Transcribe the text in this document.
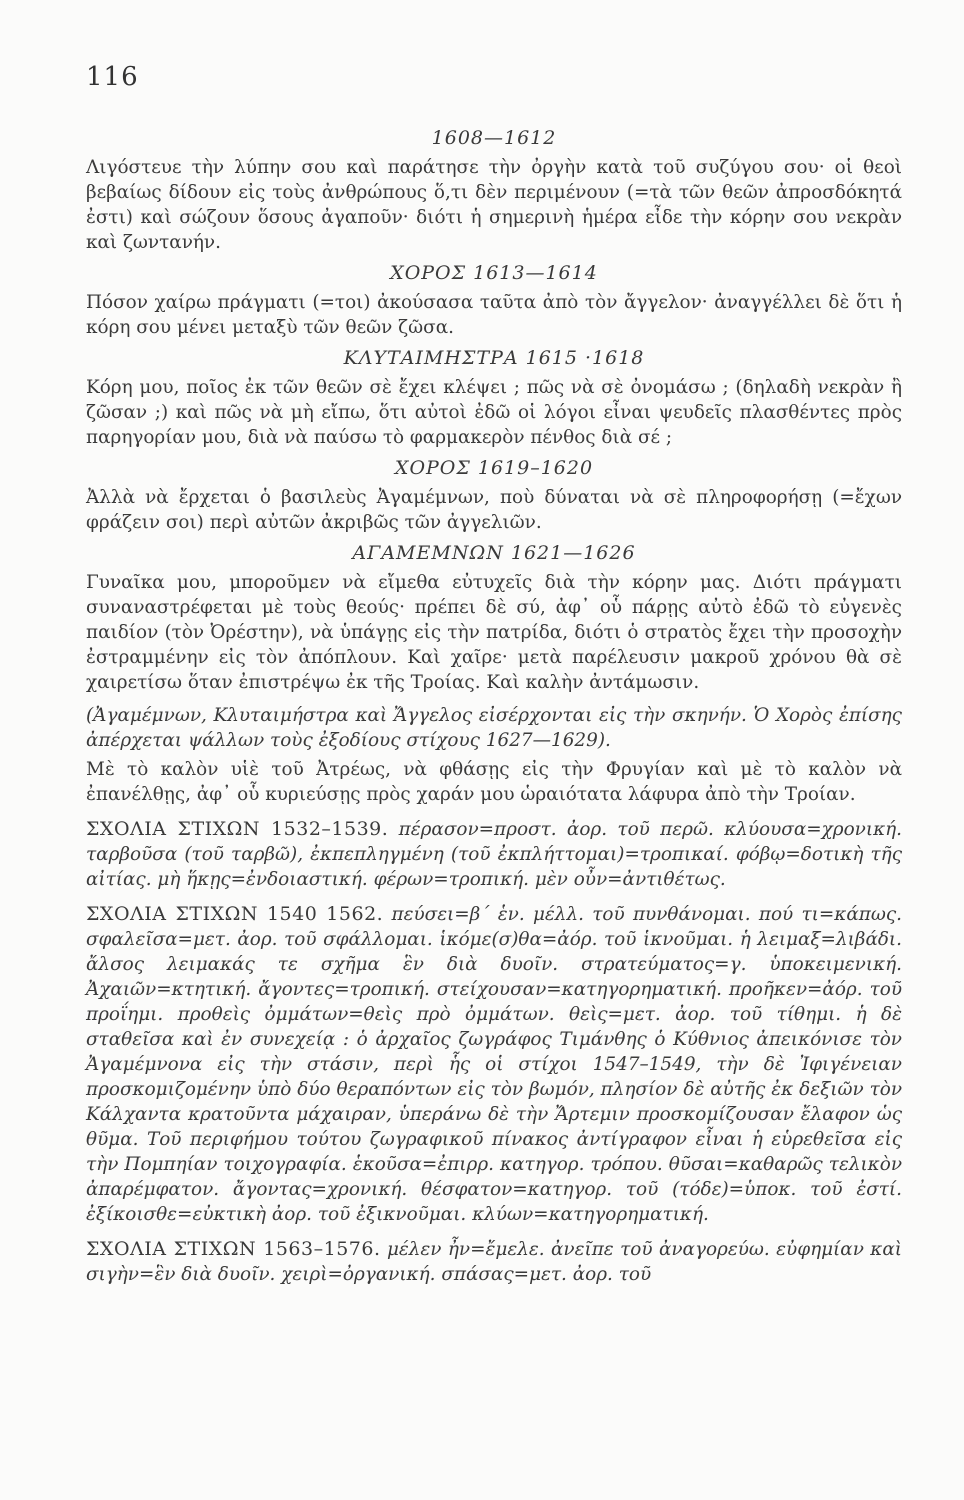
116
1608—1612

Λιγόστευε τὴν λύπην σου καὶ παράτησε τὴν ὀργὴν κατὰ τοῦ συζύγου σου· οἱ θεοὶ βεβαίως δίδουν εἰς τοὺς ἀνθρώπους ὅ,τι δὲν περιμένουν (=τὰ τῶν θεῶν ἀπροσδόκητά ἐστι) καὶ σώζουν ὅσους ἀγαποῦν· διότι ἡ σημερινὴ ἡμέρα εἶδε τὴν κόρην σου νεκρὰν καὶ ζωντανήν.

ΧΟΡΟΣ 1613—1614

Πόσον χαίρω πράγματι (=τοι) ἀκούσασα ταῦτα ἀπὸ τὸν ἄγγελον· ἀναγγέλλει δὲ ὅτι ἡ κόρη σου μένει μεταξὺ τῶν θεῶν ζῶσα.

ΚΛΥΤΑΙΜΗΣΤΡΑ 1615 ·1618

Κόρη μου, ποῖος ἐκ τῶν θεῶν σὲ ἔχει κλέψει ; πῶς νὰ σὲ ὀνομάσω ; (δηλαδὴ νεκρὰν ἢ ζῶσαν ;) καὶ πῶς νὰ μὴ εἴπω, ὅτι αὐτοὶ ἐδῶ οἱ λόγοι εἶναι ψευδεῖς πλασθέντες πρὸς παρηγορίαν μου, διὰ νὰ παύσω τὸ φαρμακερὸν πένθος διὰ σέ ;

ΧΟΡΟΣ 1619–1620

Ἀλλὰ νὰ ἔρχεται ὁ βασιλεὺς Ἀγαμέμνων, ποὺ δύναται νὰ σὲ πληροφορήσῃ (=ἔχων φράζειν σοι) περὶ αὐτῶν ἀκριβῶς τῶν ἀγγελιῶν.

ΑΓΑΜΕΜΝΩΝ 1621—1626

Γυναῖκα μου, μποροῦμεν νὰ εἴμεθα εὐτυχεῖς διὰ τὴν κόρην μας. Διότι πράγματι συναναστρέφεται μὲ τοὺς θεούς· πρέπει δὲ σύ, ἀφ᾽ οὗ πάρῃς αὐτὸ ἐδῶ τὸ εὐγενὲς παιδίον (τὸν Ὀρέστην), νὰ ὑπάγῃς εἰς τὴν πατρίδα, διότι ὁ στρατὸς ἔχει τὴν προσοχὴν ἐστραμμένην εἰς τὸν ἀπόπλουν. Καὶ χαῖρε· μετὰ παρέλευσιν μακροῦ χρόνου θὰ σὲ χαιρετίσω ὅταν ἐπιστρέψω ἐκ τῆς Τροίας. Καὶ καλὴν ἀντάμωσιν.

(Ἀγαμέμνων, Κλυταιμήστρα καὶ Ἄγγελος εἰσέρχονται εἰς τὴν σκηνήν. Ὁ Χορὸς ἐπίσης ἀπέρχεται ψάλλων τοὺς ἐξοδίους στίχους 1627—1629).

Μὲ τὸ καλὸν υἱὲ τοῦ Ἀτρέως, νὰ φθάσῃς εἰς τὴν Φρυγίαν καὶ μὲ τὸ καλὸν νὰ ἐπανέλθῃς, ἀφ᾽ οὗ κυριεύσῃς πρὸς χαράν μου ὡραιότατα λάφυρα ἀπὸ τὴν Τροίαν.

ΣΧΟΛΙΑ ΣΤΙΧΩΝ 1532–1539. πέρασον=προστ. ἀορ. τοῦ περῶ. κλύουσα=χρονική. ταρβοῦσα (τοῦ ταρβῶ), ἐκπεπληγμένη (τοῦ ἐκπλήττομαι)=τροπικαί. φόβῳ=δοτικὴ τῆς αἰτίας. μὴ ἥκῃς=ἐνδοιαστική. φέρων=τροπική. μὲν οὖν=ἀντιθέτως.

ΣΧΟΛΙΑ ΣΤΙΧΩΝ 1540 1562. πεύσει=β΄ ἑν. μέλλ. τοῦ πυνθάνομαι. πού τι=κάπως. σφαλεῖσα=μετ. ἀορ. τοῦ σφάλλομαι. ἱκόμε(σ)θα=ἀόρ. τοῦ ἱκνοῦμαι. ἡ λειμαξ=λιβάδι. ἄλσος λειμακάς τε σχῆμα ἓν διὰ δυοῖν. στρατεύματος=γ. ὑποκειμενική. Ἀχαιῶν=κτητική. ἄγοντες=τροπική. στείχουσαν=κατηγορηματική. προῆκεν=ἀόρ. τοῦ προΐημι. προθεὶς ὀμμάτων=θεὶς πρὸ ὀμμάτων. θεὶς=μετ. ἀορ. τοῦ τίθημι. ἡ δὲ σταθεῖσα καὶ ἐν συνεχείᾳ : ὁ ἀρχαῖος ζωγράφος Τιμάνθης ὁ Κύθνιος ἀπεικόνισε τὸν Ἀγαμέμνονα εἰς τὴν στάσιν, περὶ ἧς οἱ στίχοι 1547–1549, τὴν δὲ Ἰφιγένειαν προσκομιζομένην ὑπὸ δύο θεραπόντων εἰς τὸν βωμόν, πλησίον δὲ αὐτῆς ἐκ δεξιῶν τὸν Κάλχαντα κρατοῦντα μάχαιραν, ὑπεράνω δὲ τὴν Ἄρτεμιν προσκομίζουσαν ἔλαφον ὡς θῦμα. Τοῦ περιφήμου τούτου ζωγραφικοῦ πίνακος ἀντίγραφον εἶναι ἡ εὑρεθεῖσα εἰς τὴν Πομπηίαν τοιχογραφία. ἑκοῦσα=ἐπιρρ. κατηγορ. τρόπου. θῦσαι=καθαρῶς τελικὸν ἀπαρέμφατον. ἄγοντας=χρονική. θέσφατον=κατηγορ. τοῦ (τόδε)=ὑποκ. τοῦ ἐστί. ἐξίκοισθε=εὐκτικὴ ἀορ. τοῦ ἐξικνοῦμαι. κλύων=κατηγορηματική.

ΣΧΟΛΙΑ ΣΤΙΧΩΝ 1563–1576. μέλεν ἦν=ἔμελε. ἀνεῖπε τοῦ ἀναγορεύω. εὐφημίαν καὶ σιγὴν=ἓν διὰ δυοῖν. χειρὶ=ὀργανική. σπάσας=μετ. ἀορ. τοῦ
